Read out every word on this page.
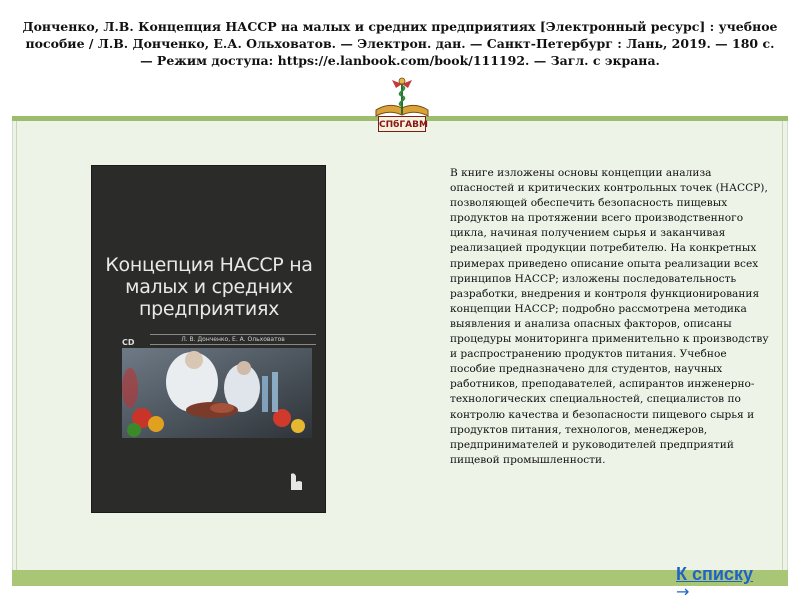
Донченко, Л.В. Концепция НАССР на малых и средних предприятиях [Электронный ресурс] : учебное пособие / Л.В. Донченко, Е.А. Ольховатов. — Электрон. дан. — Санкт-Петербург : Лань, 2019. — 180 с. — Режим доступа: https://e.lanbook.com/book/111192. — Загл. с экрана.
СПбГАВМ
Концепция НАССР на малых и средних предприятиях
CD	Л. В. Донченко, Е. А. Ольховатов
В книге изложены основы концепции анализа опасностей и критических контрольных точек (НАССР), позволяющей обеспечить безопасность пищевых продуктов на протяжении всего производственного цикла, начиная получением сырья и заканчивая реализацией продукции потребителю. На конкретных примерах приведено описание опыта реализации всех принципов НАССР; изложены последовательность разработки, внедрения и контроля функционирования концепции НАССР; подробно рассмотрена методика выявления и анализа опасных факторов, описаны процедуры мониторинга применительно к производству и распространению продуктов питания. Учебное пособие предназначено для студентов, научных работников, преподавателей, аспирантов инженерно-технологических специальностей, специалистов по контролю качества и безопасности пищевого сырья и продуктов питания, технологов, менеджеров, предпринимателей и руководителей предприятий пищевой промышленности.
К списку
→
